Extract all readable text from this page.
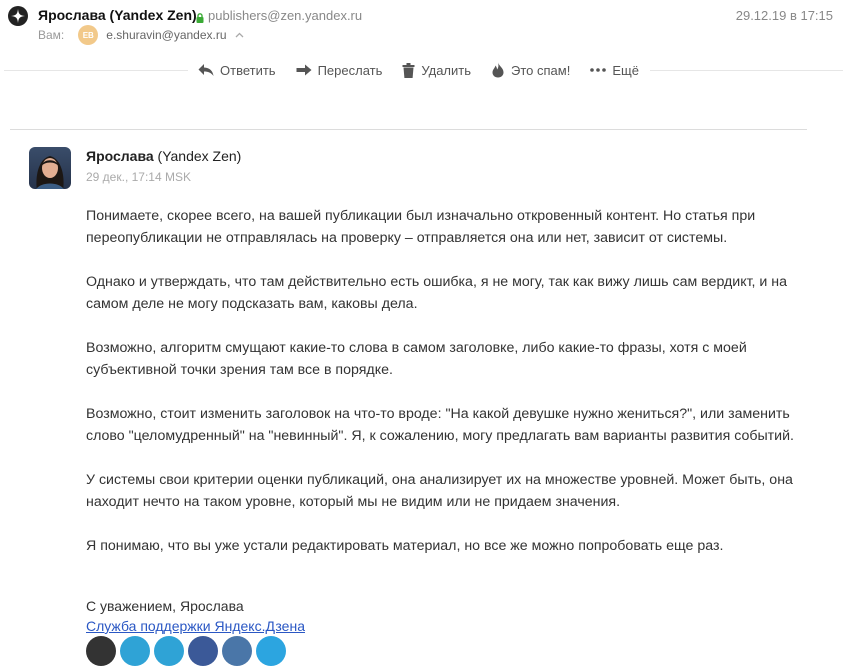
Ярослава (Yandex Zen) publishers@zen.yandex.ru	29.12.19 в 17:15
Вам:	EB	e.shuravin@yandex.ru
Ответить	Переслать	Удалить	Это спам!	Ещё
Ярослава (Yandex Zen)
29 дек., 17:14 MSK

Понимаете, скорее всего, на вашей публикации был изначально откровенный контент. Но статья при переопубликации не отправлялась на проверку – отправляется она или нет, зависит от системы.

Однако и утверждать, что там действительно есть ошибка, я не могу, так как вижу лишь сам вердикт, и на самом деле не могу подсказать вам, каковы дела.

Возможно, алгоритм смущают какие-то слова в самом заголовке, либо какие-то фразы, хотя с моей субъективной точки зрения там все в порядке.

Возможно, стоит изменить заголовок на что-то вроде: "На какой девушке нужно жениться?", или заменить слово "целомудренный" на "невинный". Я, к сожалению, могу предлагать вам варианты развития событий.

У системы свои критерии оценки публикаций, она анализирует их на множестве уровней. Может быть, она находит нечто на таком уровне, который мы не видим или не придаем значения.

Я понимаю, что вы уже устали редактировать материал, но все же можно попробовать еще раз.

С уважением, Ярослава
Служба поддержки Яндекс.Дзена
